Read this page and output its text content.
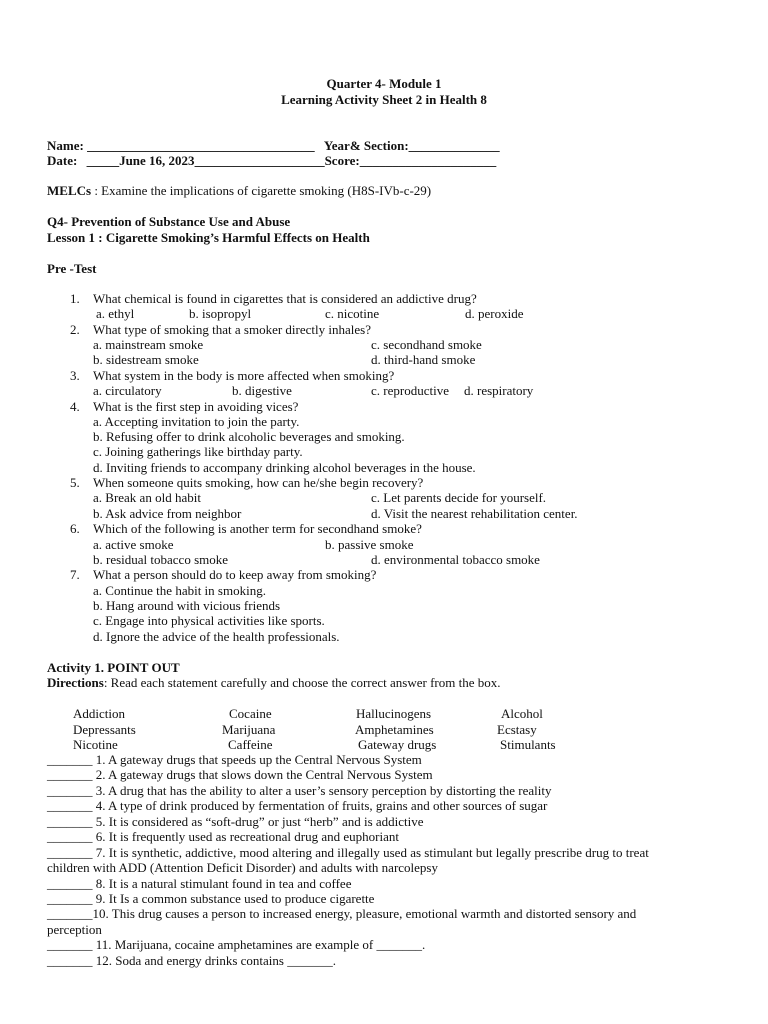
Quarter 4- Module 1
Learning Activity Sheet 2 in Health 8
Name: ___________________________________ Year& Section:______________
Date: _____June 16, 2023____________________Score:_____________________
MELCs : Examine the implications of cigarette smoking (H8S-IVb-c-29)
Q4- Prevention of Substance Use and Abuse
Lesson 1 : Cigarette Smoking’s Harmful Effects on Health
Pre -Test
1. What chemical is found in cigarettes that is considered an addictive drug?
a. ethyl	b. isopropyl	c. nicotine	d. peroxide
2. What type of smoking that a smoker directly inhales?
a. mainstream smoke	c. secondhand smoke
b. sidestream smoke	d. third-hand smoke
3. What system in the body is more affected when smoking?
a. circulatory	b. digestive	c. reproductive d. respiratory
4. What is the first step in avoiding vices?
a. Accepting invitation to join the party.
b. Refusing offer to drink alcoholic beverages and smoking.
c. Joining gatherings like birthday party.
d. Inviting friends to accompany drinking alcohol beverages in the house.
5. When someone quits smoking, how can he/she begin recovery?
a. Break an old habit	c. Let parents decide for yourself.
b. Ask advice from neighbor	d. Visit the nearest rehabilitation center.
6. Which of the following is another term for secondhand smoke?
a. active smoke	b. passive smoke
b. residual tobacco smoke	d. environmental tobacco smoke
7. What a person should do to keep away from smoking?
a. Continue the habit in smoking.
b. Hang around with vicious friends
c. Engage into physical activities like sports.
d. Ignore the advice of the health professionals.
Activity 1. POINT OUT
Directions: Read each statement carefully and choose the correct answer from the box.
Addiction	Cocaine	Hallucinogens	Alcohol
Depressants	Marijuana	Amphetamines	Ecstasy
Nicotine	Caffeine	Gateway drugs	Stimulants
_______ 1. A gateway drugs that speeds up the Central Nervous System
_______ 2. A gateway drugs that slows down the Central Nervous System
_______ 3. A drug that has the ability to alter a user’s sensory perception by distorting the reality
_______ 4. A type of drink produced by fermentation of fruits, grains and other sources of sugar
_______ 5. It is considered as “soft-drug” or just “herb” and is addictive
_______ 6. It is frequently used as recreational drug and euphoriant
_______ 7. It is synthetic, addictive, mood altering and illegally used as stimulant but legally prescribe drug to treat
children with ADD (Attention Deficit Disorder) and adults with narcolepsy
_______ 8. It is a natural stimulant found in tea and coffee
_______ 9. It Is a common substance used to produce cigarette
_______10. This drug causes a person to increased energy, pleasure, emotional warmth and distorted sensory and
perception
_______ 11. Marijuana, cocaine amphetamines are example of _______.
_______ 12. Soda and energy drinks contains _______.
